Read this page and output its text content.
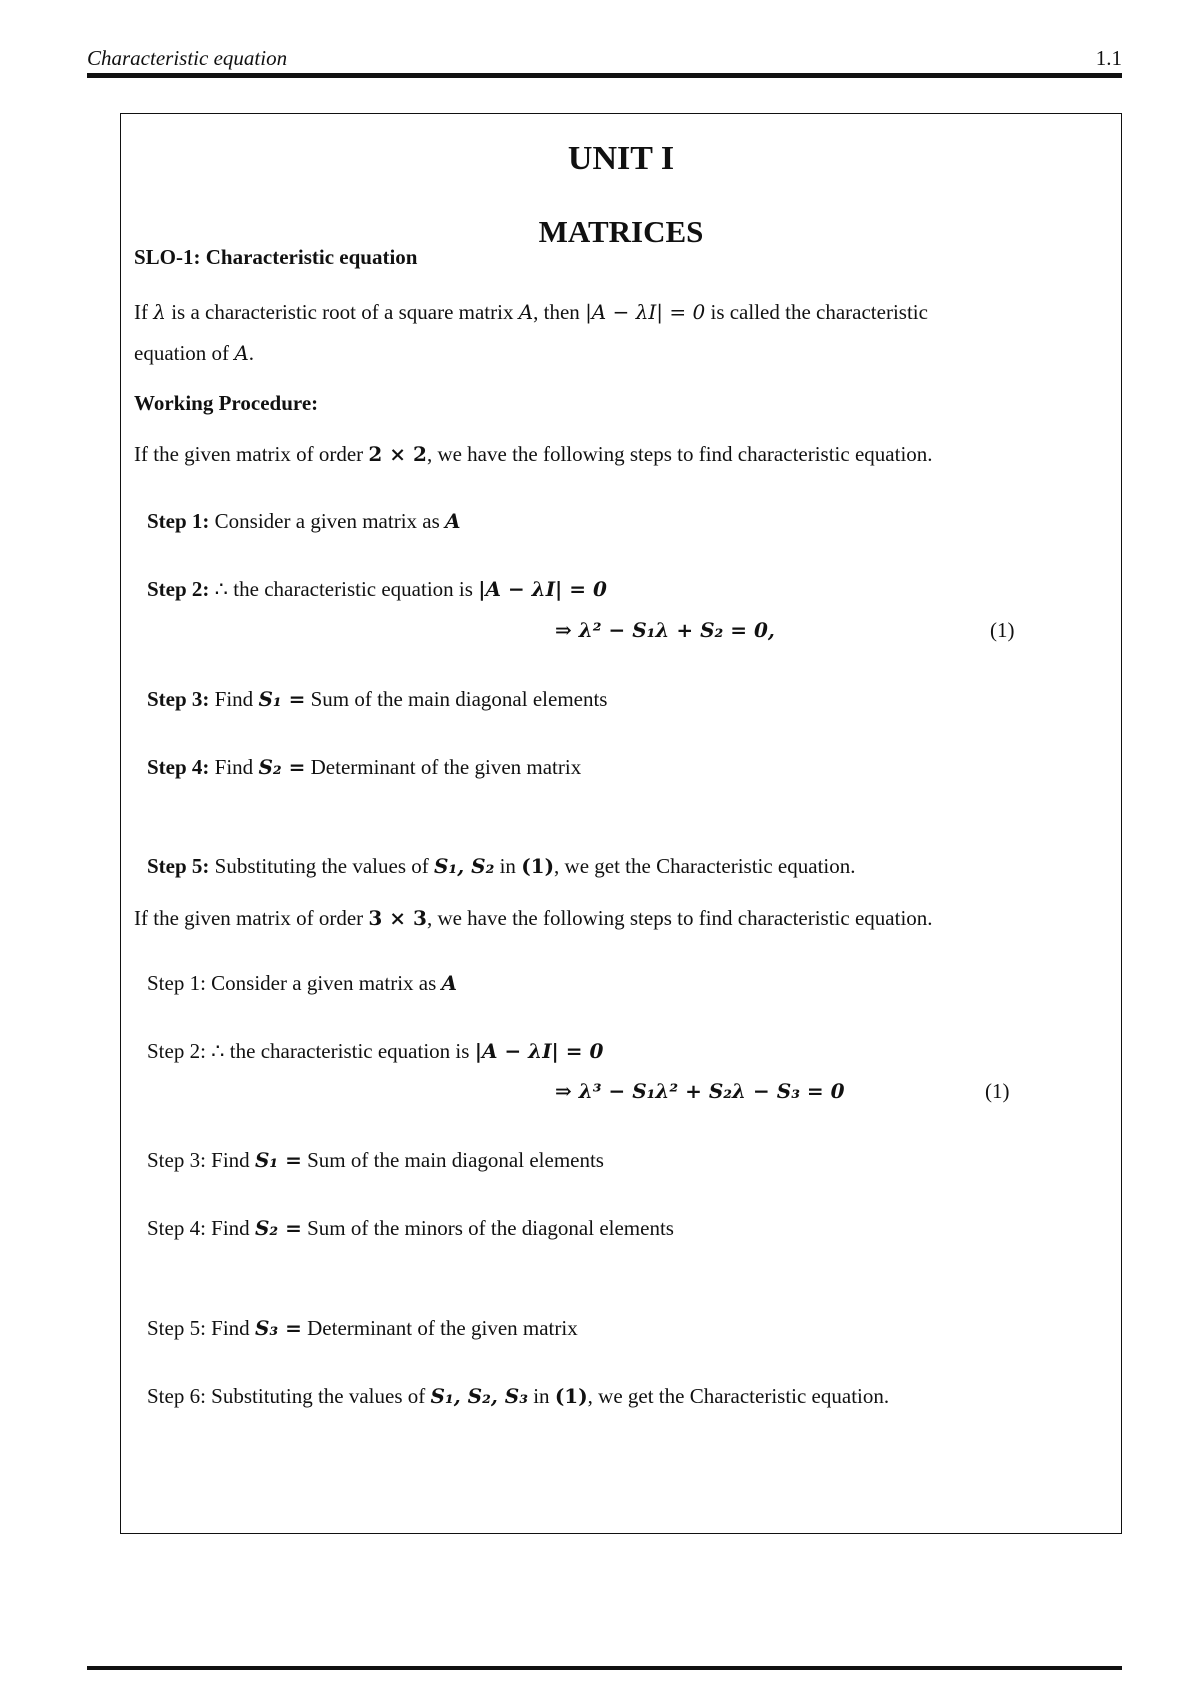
Characteristic equation	1.1
UNIT I
MATRICES
SLO-1: Characteristic equation
If λ is a characteristic root of a square matrix A, then |A − λI| = 0 is called the characteristic
equation of A.
Working Procedure:
If the given matrix of order 2 × 2, we have the following steps to find characteristic equation.
Step 1: Consider a given matrix as A
Step 2: ∴ the characteristic equation is |A − λI| = 0
⇒ λ² − S₁λ + S₂ = 0,	(1)
Step 3: Find S₁ = Sum of the main diagonal elements
Step 4: Find S₂ = Determinant of the given matrix
Step 5: Substituting the values of S₁, S₂ in (1), we get the Characteristic equation.
If the given matrix of order 3 × 3, we have the following steps to find characteristic equation.
Step 1: Consider a given matrix as A
Step 2: ∴ the characteristic equation is |A − λI| = 0
⇒ λ³ − S₁λ² + S₂λ − S₃ = 0	(1)
Step 3: Find S₁ = Sum of the main diagonal elements
Step 4: Find S₂ = Sum of the minors of the diagonal elements
Step 5: Find S₃ = Determinant of the given matrix
Step 6: Substituting the values of S₁, S₂, S₃ in (1), we get the Characteristic equation.
